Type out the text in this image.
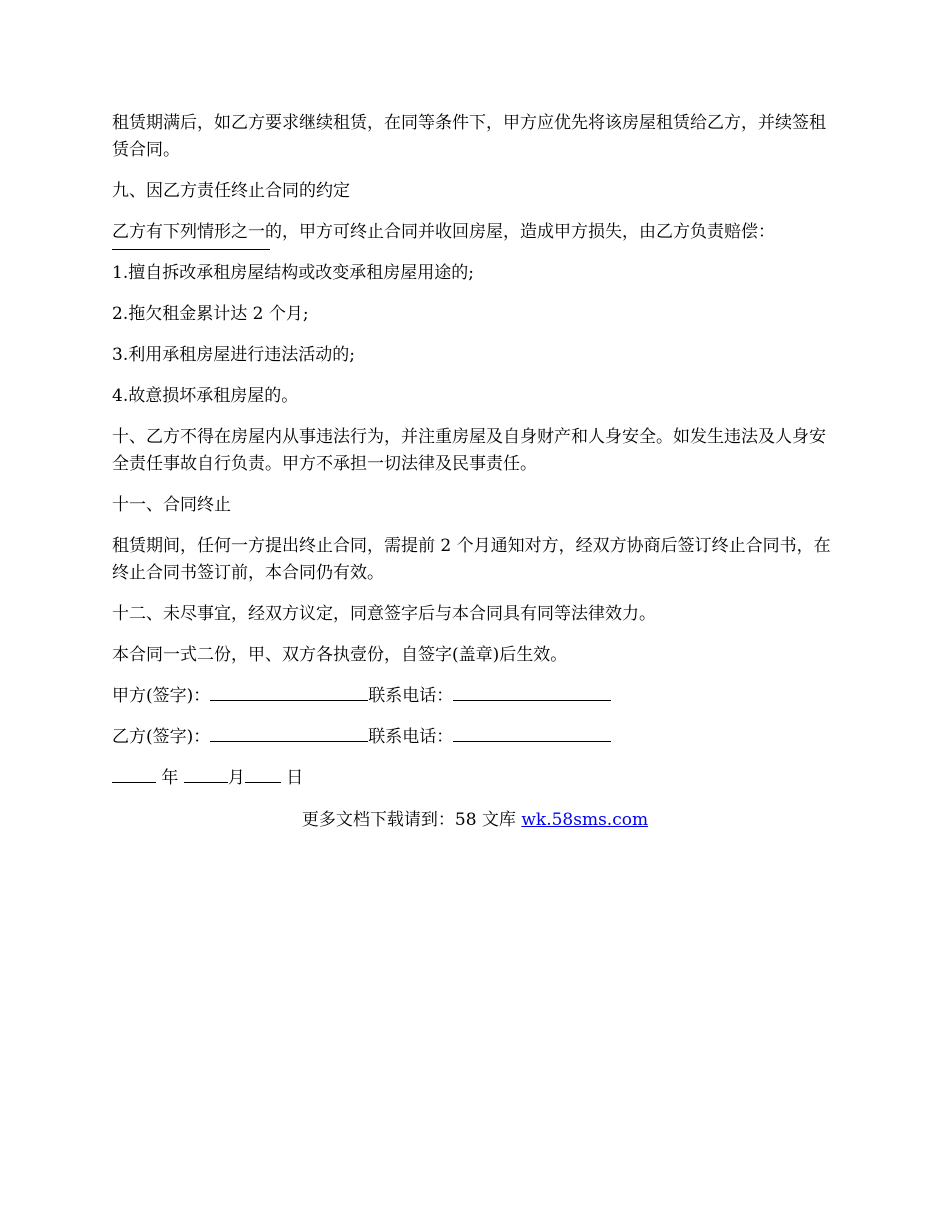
租赁期满后，如乙方要求继续租赁，在同等条件下，甲方应优先将该房屋租赁给乙方，并续签租赁合同。

九、因乙方责任终止合同的约定

乙方有下列情形之一的，甲方可终止合同并收回房屋，造成甲方损失，由乙方负责赔偿：

1.擅自拆改承租房屋结构或改变承租房屋用途的;

2.拖欠租金累计达 2 个月;

3.利用承租房屋进行违法活动的;

4.故意损坏承租房屋的。

十、乙方不得在房屋内从事违法行为，并注重房屋及自身财产和人身安全。如发生违法及人身安全责任事故自行负责。甲方不承担一切法律及民事责任。

十一、合同终止

租赁期间，任何一方提出终止合同，需提前 2 个月通知对方，经双方协商后签订终止合同书，在终止合同书签订前，本合同仍有效。

十二、未尽事宜，经双方议定，同意签字后与本合同具有同等法律效力。

本合同一式二份，甲、双方各执壹份，自签字(盖章)后生效。

甲方(签字)：	联系电话：

乙方(签字)：	联系电话：

年	月 日

更多文档下载请到：58 文库 wk.58sms.com
